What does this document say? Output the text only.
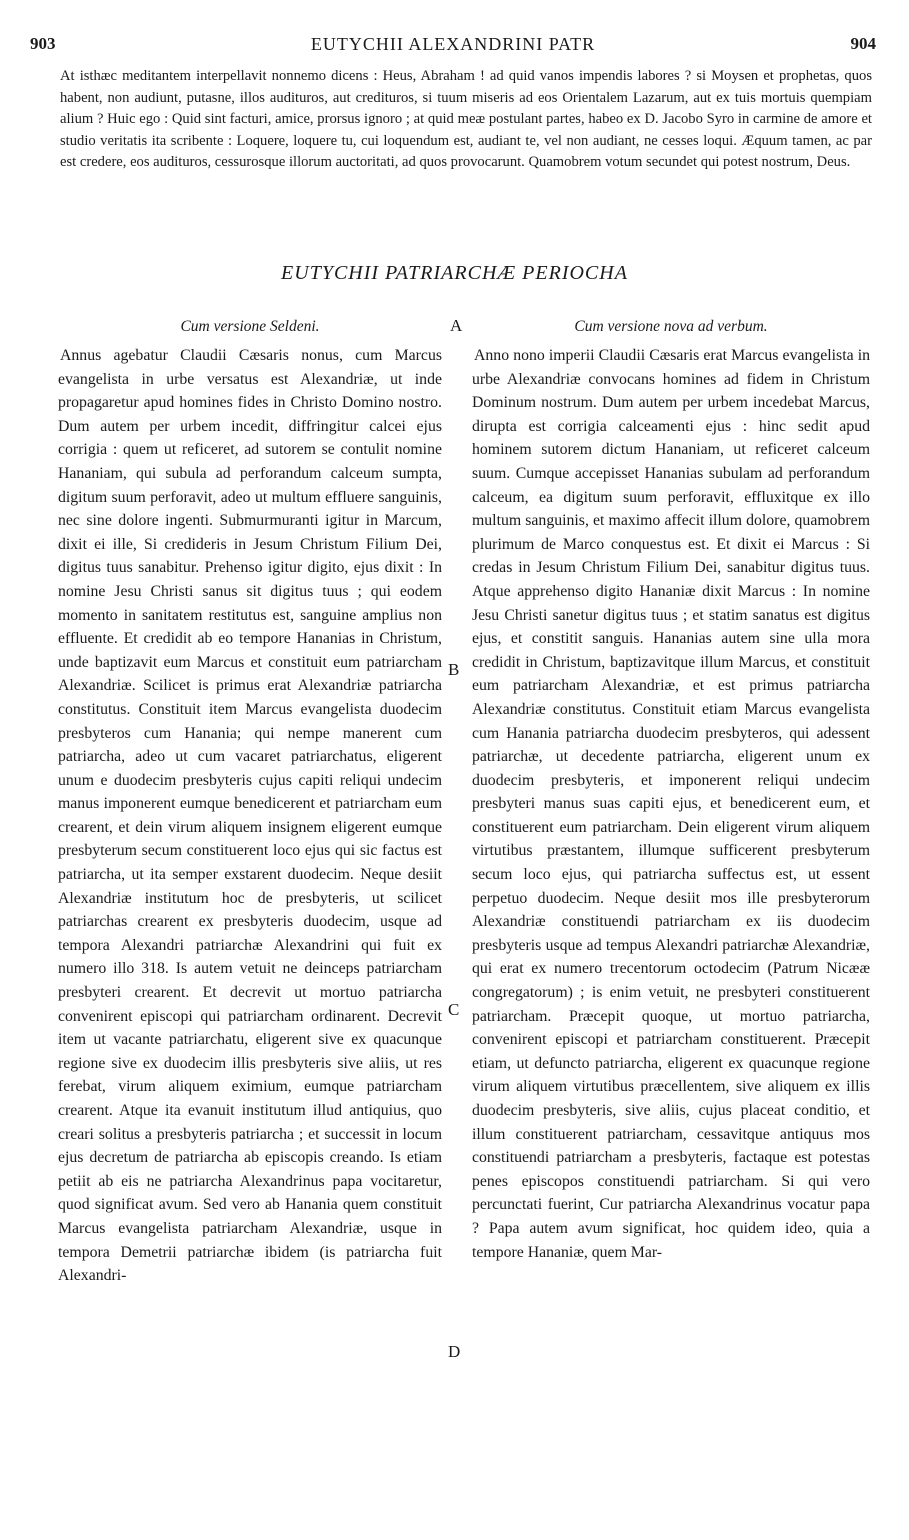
903	EUTYCHII ALEXANDRINI PATR	904

At isthæc meditantem interpellavit nonnemo dicens : Heus, Abraham ! ad quid vanos impendis labores ? si Moysen et prophetas, quos habent, non audiunt, putasne, illos audituros, aut credituros, si tuum miseris ad eos Orientalem Lazarum, aut ex tuis mortuis quempiam alium ? Huic ego : Quid sint facturi, amice, prorsus ignoro ; at quid meæ postulant partes, habeo ex D. Jacobo Syro in carmine de amore et studio veritatis ita scribente : Loquere, loquere tu, cui loquendum est, audiant te, vel non audiant, ne cesses loqui. Æquum tamen, ac par est credere, eos audituros, cessurosque illorum auctoritati, ad quos provocarunt. Quamobrem votum secundet qui potest nostrum, Deus.

EUTYCHII PATRIARCHÆ PERIOCHA
A
B
C
D
Cum versione Seldeni.

Annus agebatur Claudii Cæsaris nonus, cum Marcus evangelista in urbe versatus est Alexandriæ, ut inde propagaretur apud homines fides in Christo Domino nostro. Dum autem per urbem incedit, diffringitur calcei ejus corrigia : quem ut reficeret, ad sutorem se contulit nomine Hananiam, qui subula ad perforandum calceum sumpta, digitum suum perforavit, adeo ut multum effluere sanguinis, nec sine dolore ingenti. Submurmuranti igitur in Marcum, dixit ei ille, Si credideris in Jesum Christum Filium Dei, digitus tuus sanabitur. Prehenso igitur digito, ejus dixit : In nomine Jesu Christi sanus sit digitus tuus ; qui eodem momento in sanitatem restitutus est, sanguine amplius non effluente. Et credidit ab eo tempore Hananias in Christum, unde baptizavit eum Marcus et constituit eum patriarcham Alexandriæ. Scilicet is primus erat Alexandriæ patriarcha constitutus. Constituit item Marcus evangelista duodecim presbyteros cum Hanania; qui nempe manerent cum patriarcha, adeo ut cum vacaret patriarchatus, eligerent unum e duodecim presbyteris cujus capiti reliqui undecim manus imponerent eumque benedicerent et patriarcham eum crearent, et dein virum aliquem insignem eligerent eumque presbyterum secum constituerent loco ejus qui sic factus est patriarcha, ut ita semper exstarent duodecim. Neque desiit Alexandriæ institutum hoc de presbyteris, ut scilicet patriarchas crearent ex presbyteris duodecim, usque ad tempora Alexandri patriarchæ Alexandrini qui fuit ex numero illo 318. Is autem vetuit ne deinceps patriarcham presbyteri crearent. Et decrevit ut mortuo patriarcha convenirent episcopi qui patriarcham ordinarent. Decrevit item ut vacante patriarchatu, eligerent sive ex quacunque regione sive ex duodecim illis presbyteris sive aliis, ut res ferebat, virum aliquem eximium, eumque patriarcham crearent. Atque ita evanuit institutum illud antiquius, quo creari solitus a presbyteris patriarcha ; et successit in locum ejus decretum de patriarcha ab episcopis creando. Is etiam petiit ab eis ne patriarcha Alexandrinus papa vocitaretur, quod significat avum. Sed vero ab Hanania quem constituit Marcus evangelista patriarcham Alexandriæ, usque in tempora Demetrii patriarchæ ibidem (is patriarcha fuit Alexandri-

Cum versione nova ad verbum.

Anno nono imperii Claudii Cæsaris erat Marcus evangelista in urbe Alexandriæ convocans homines ad fidem in Christum Dominum nostrum. Dum autem per urbem incedebat Marcus, dirupta est corrigia calceamenti ejus : hinc sedit apud hominem sutorem dictum Hananiam, ut reficeret calceum suum. Cumque accepisset Hananias subulam ad perforandum calceum, ea digitum suum perforavit, effluxitque ex illo multum sanguinis, et maximo affecit illum dolore, quamobrem plurimum de Marco conquestus est. Et dixit ei Marcus : Si credas in Jesum Christum Filium Dei, sanabitur digitus tuus. Atque apprehenso digito Hananiæ dixit Marcus : In nomine Jesu Christi sanetur digitus tuus ; et statim sanatus est digitus ejus, et constitit sanguis. Hananias autem sine ulla mora credidit in Christum, baptizavitque illum Marcus, et constituit eum patriarcham Alexandriæ, et est primus patriarcha Alexandriæ constitutus. Constituit etiam Marcus evangelista cum Hanania patriarcha duodecim presbyteros, qui adessent patriarchæ, ut decedente patriarcha, eligerent unum ex duodecim presbyteris, et imponerent reliqui undecim presbyteri manus suas capiti ejus, et benedicerent eum, et constituerent eum patriarcham. Dein eligerent virum aliquem virtutibus præstantem, illumque sufficerent presbyterum secum loco ejus, qui patriarcha suffectus est, ut essent perpetuo duodecim. Neque desiit mos ille presbyterorum Alexandriæ constituendi patriarcham ex iis duodecim presbyteris usque ad tempus Alexandri patriarchæ Alexandriæ, qui erat ex numero trecentorum octodecim (Patrum Nicææ congregatorum) ; is enim vetuit, ne presbyteri constituerent patriarcham. Præcepit quoque, ut mortuo patriarcha, convenirent episcopi et patriarcham constituerent. Præcepit etiam, ut defuncto patriarcha, eligerent ex quacunque regione virum aliquem virtutibus præcellentem, sive aliquem ex illis duodecim presbyteris, sive aliis, cujus placeat conditio, et illum constituerent patriarcham, cessavitque antiquus mos constituendi patriarcham a presbyteris, factaque est potestas penes episcopos constituendi patriarcham. Si qui vero percunctati fuerint, Cur patriarcha Alexandrinus vocatur papa ? Papa autem avum significat, hoc quidem ideo, quia a tempore Hananiæ, quem Mar-
